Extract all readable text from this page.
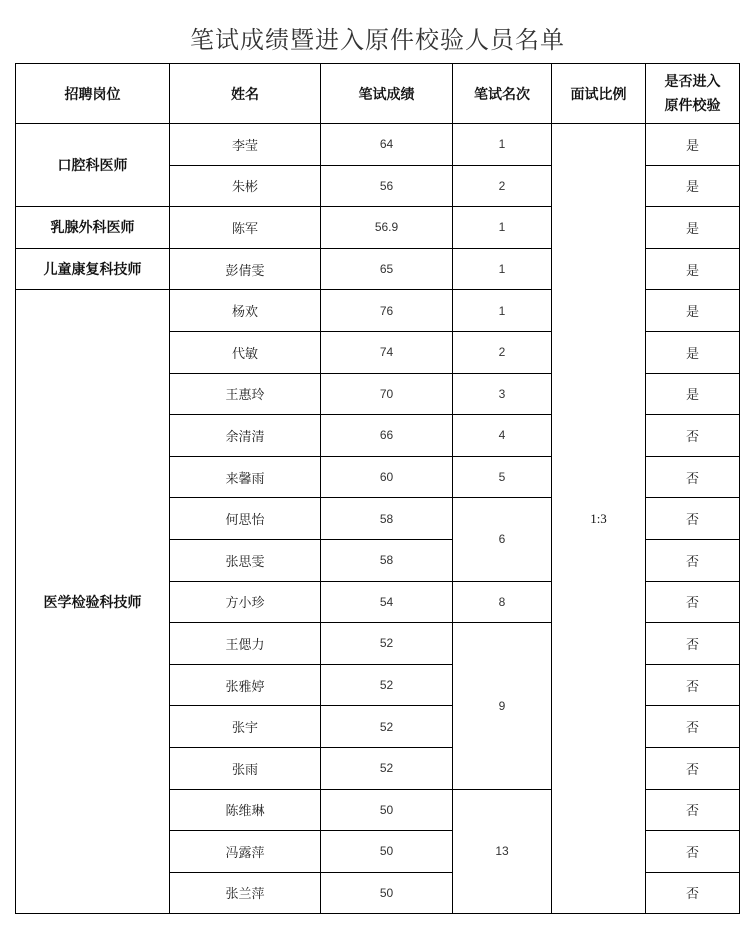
笔试成绩暨进入原件校验人员名单
招聘岗位	姓名	笔试成绩	笔试名次	面试比例	是否进入
原件校验

口腔科医师	李莹	64	1	1:3	是
	朱彬	56	2		是
乳腺外科医师	陈军	56.9	1		是
儿童康复科技师	彭倩雯	65	1		是
医学检验科技师	杨欢	76	1		是
	代敏	74	2		是
	王惠玲	70	3		是
	余清清	66	4		否
	来馨雨	60	5		否
	何思怡	58	6		否
	张思雯	58			否
	方小珍	54	8		否
	王偲力	52	9		否
	张雅婷	52			否
	张宇	52			否
	张雨	52			否
	陈维琳	50	13		否
	冯露萍	50			否
	张兰萍	50			否
